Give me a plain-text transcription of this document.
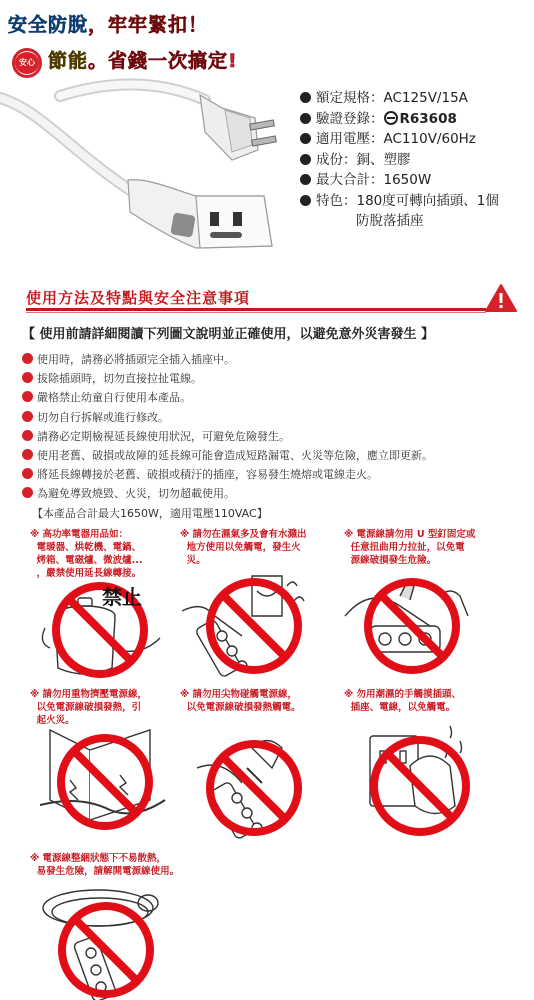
安全防脫，牢牢緊扣！
安心 節能。省錢一次搞定!
額定規格：AC125V/15A
驗證登錄： R63608
適用電壓：AC110V/60Hz
成份：銅、塑膠
最大合計：1650W
特色：180度可轉向插頭、1個
防脫落插座
使用方法及特點與安全注意事項
【 使用前請詳細閱讀下列圖文說明並正確使用，以避免意外災害發生 】
使用時，請務必將插頭完全插入插座中。
拔除插頭時，切勿直接拉扯電線。
嚴格禁止幼童自行使用本產品。
切勿自行拆解或進行修改。
請務必定期檢視延長線使用狀況，可避免危險發生。
使用老舊、破損或故障的延長線可能會造成短路漏電、火災等危險，應立即更新。
將延長線轉接於老舊、破損或積汙的插座，容易發生燒熔或電線走火。
為避免導致燒毀、火災，切勿超載使用。
【本產品合計最大1650W，適用電壓110VAC】
※ 高功率電器用品如：
電暖器、烘乾機、電鍋、
烤箱、電磁爐、微波爐...
，嚴禁使用延長線轉接。
※ 請勿在濕氣多及會有水濺出
地方使用以免觸電，發生火
災。
※ 電源線請勿用 U 型釘固定或
任意扭曲用力拉扯，以免電
源線破損發生危險。
禁止
※ 請勿用重物擠壓電源線，
以免電源線破損發熱，引
起火災。
※ 請勿用尖物碰觸電源線，
以免電源線破損發熱觸電。
※ 勿用潮濕的手觸摸插頭、
插座、電線，以免觸電。
※ 電源線整綑狀態下不易散熱，
易發生危險，請解開電源線使用。
